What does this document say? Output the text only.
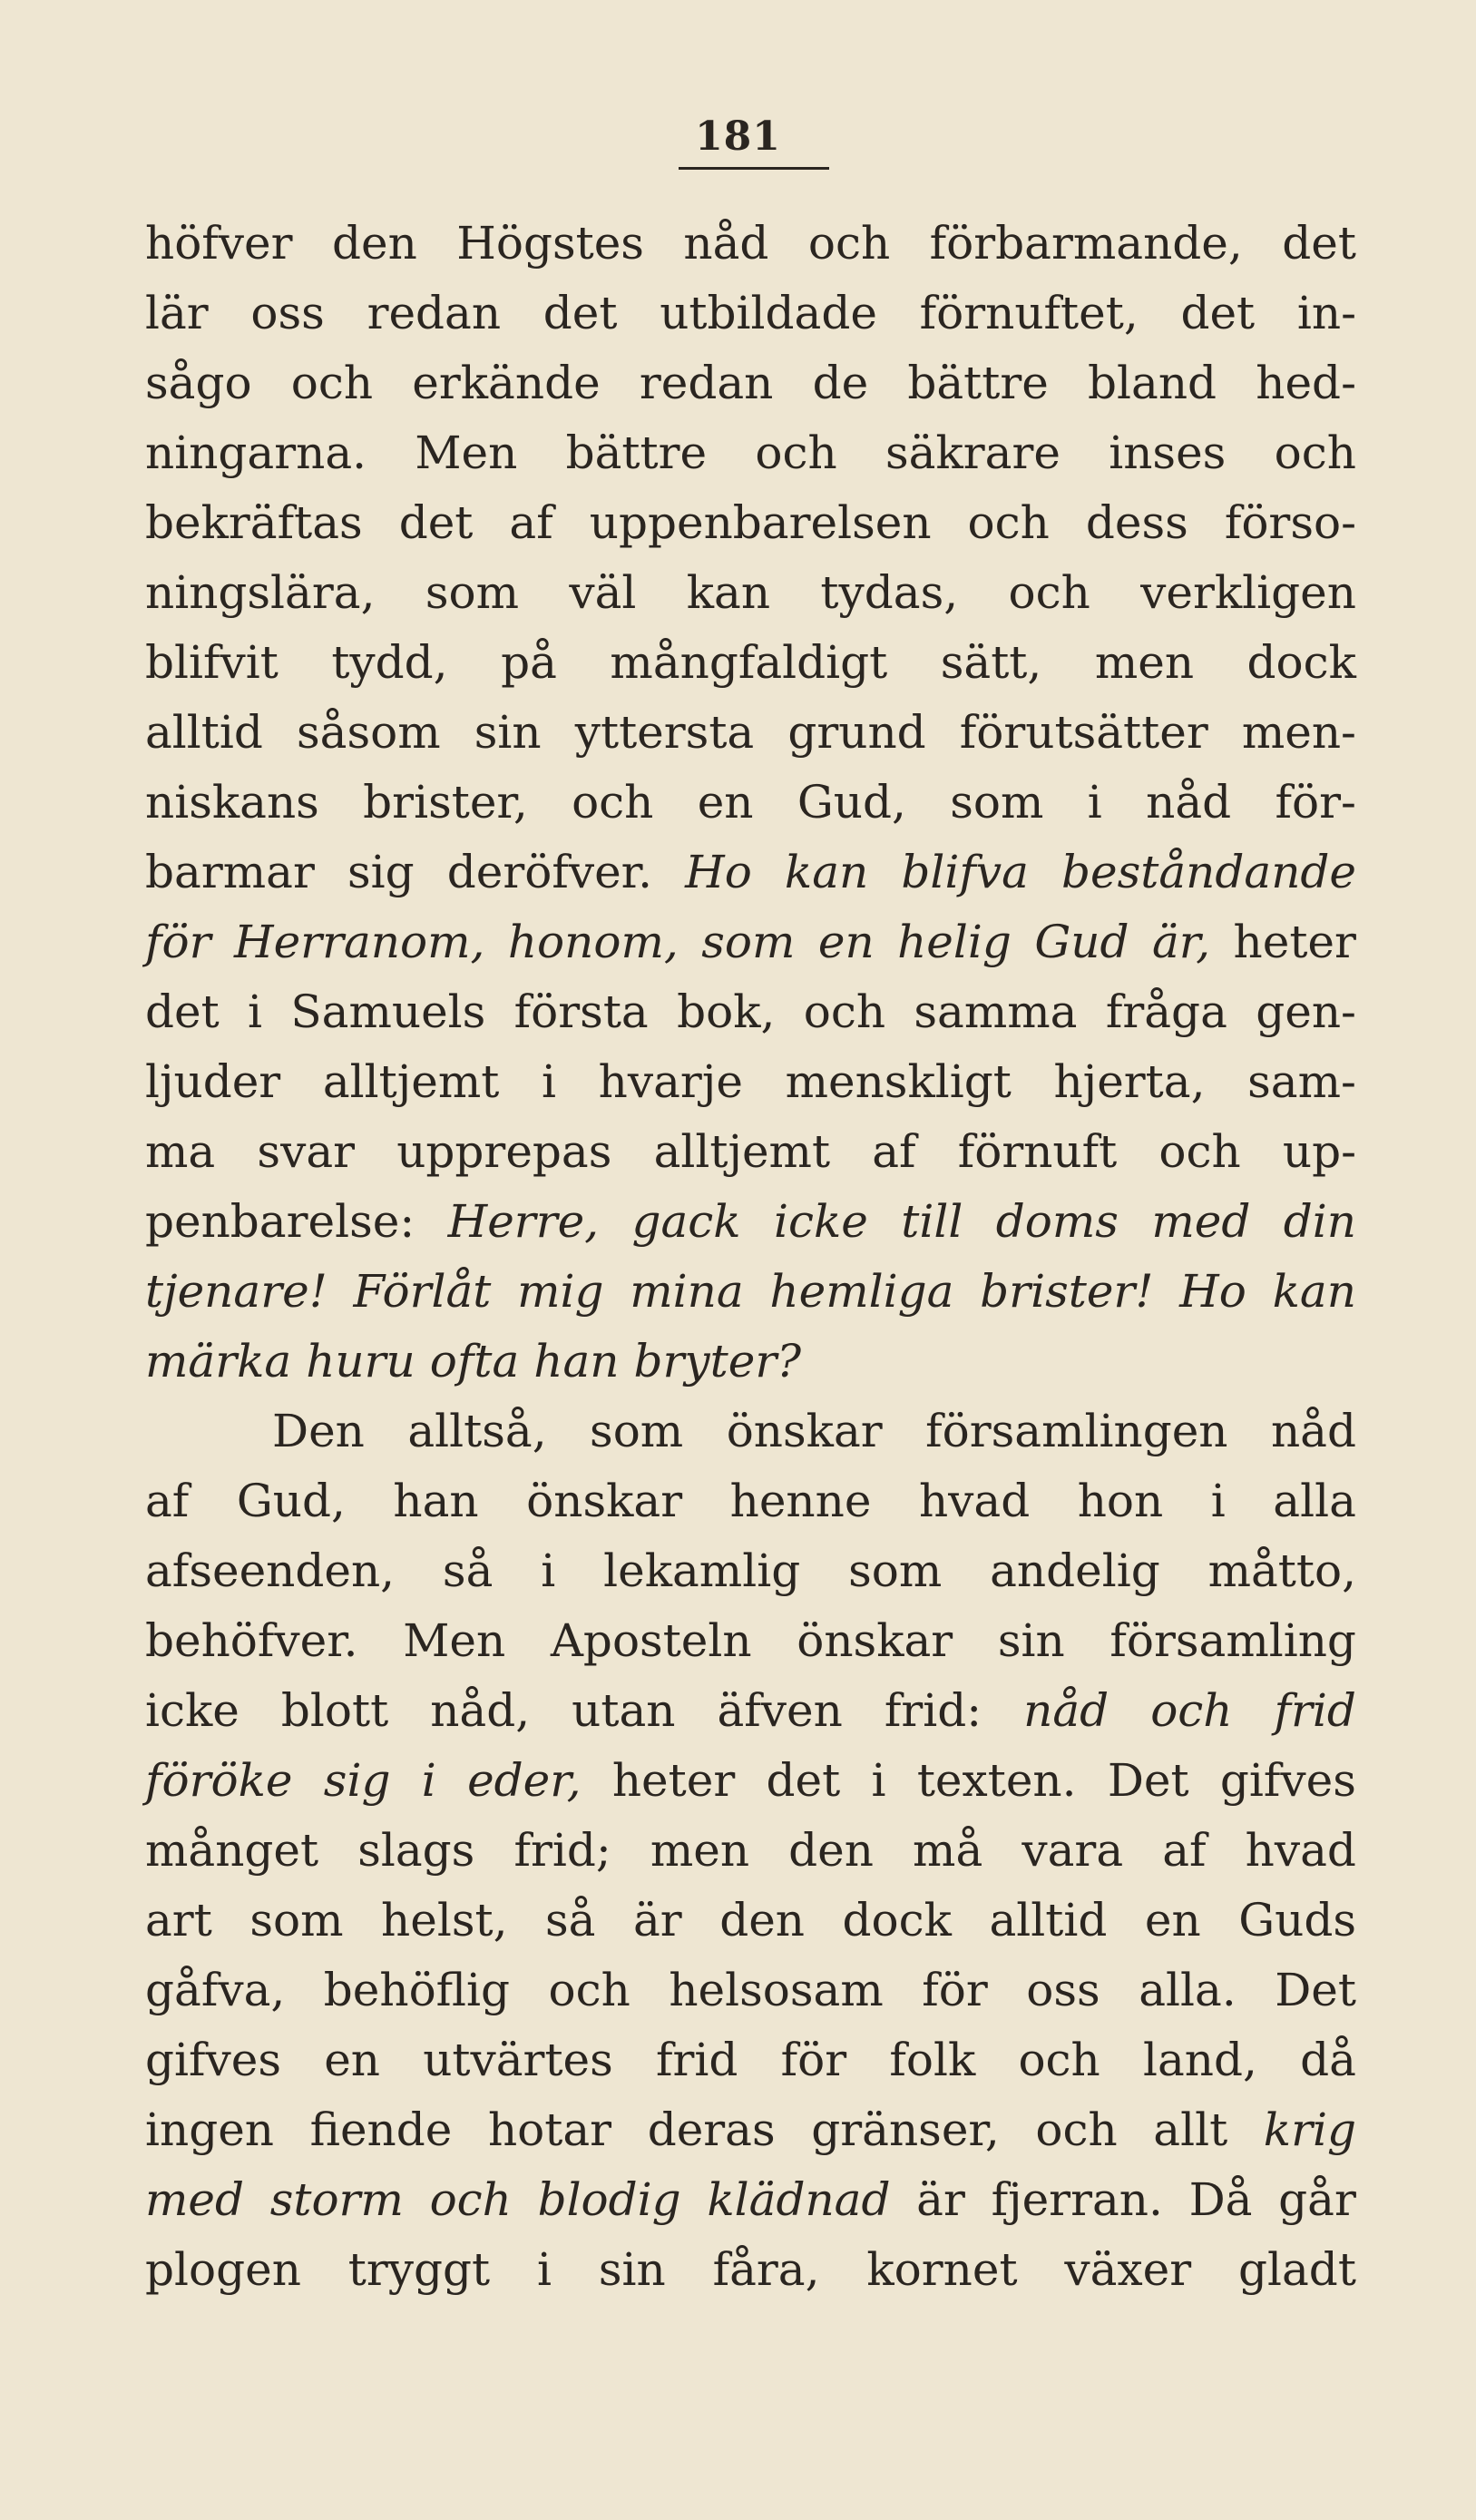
181
höfver den Högstes nåd och förbarmande, det
lär oss redan det utbildade förnuftet, det in-
sågo och erkände redan de bättre bland hed-
ningarna. Men bättre och säkrare inses och
bekräftas det af uppenbarelsen och dess förso-
ningslära, som väl kan tydas, och verkligen
blifvit tydd, på mångfaldigt sätt, men dock
alltid såsom sin yttersta grund förutsätter men-
niskans brister, och en Gud, som i nåd för-
barmar sig deröfver. Ho kan blifva beståndande
för Herranom, honom, som en helig Gud är, heter
det i Samuels första bok, och samma fråga gen-
ljuder alltjemt i hvarje menskligt hjerta, sam-
ma svar upprepas alltjemt af förnuft och up-
penbarelse: Herre, gack icke till doms med din
tjenare! Förlåt mig mina hemliga brister! Ho kan
märka huru ofta han bryter?
Den alltså, som önskar församlingen nåd
af Gud, han önskar henne hvad hon i alla
afseenden, så i lekamlig som andelig måtto,
behöfver. Men Aposteln önskar sin församling
icke blott nåd, utan äfven frid: nåd och frid
föröke sig i eder, heter det i texten. Det gifves
månget slags frid; men den må vara af hvad
art som helst, så är den dock alltid en Guds
gåfva, behöflig och helsosam för oss alla. Det
gifves en utvärtes frid för folk och land, då
ingen fiende hotar deras gränser, och allt krig
med storm och blodig klädnad är fjerran. Då går
plogen tryggt i sin fåra, kornet växer gladt
